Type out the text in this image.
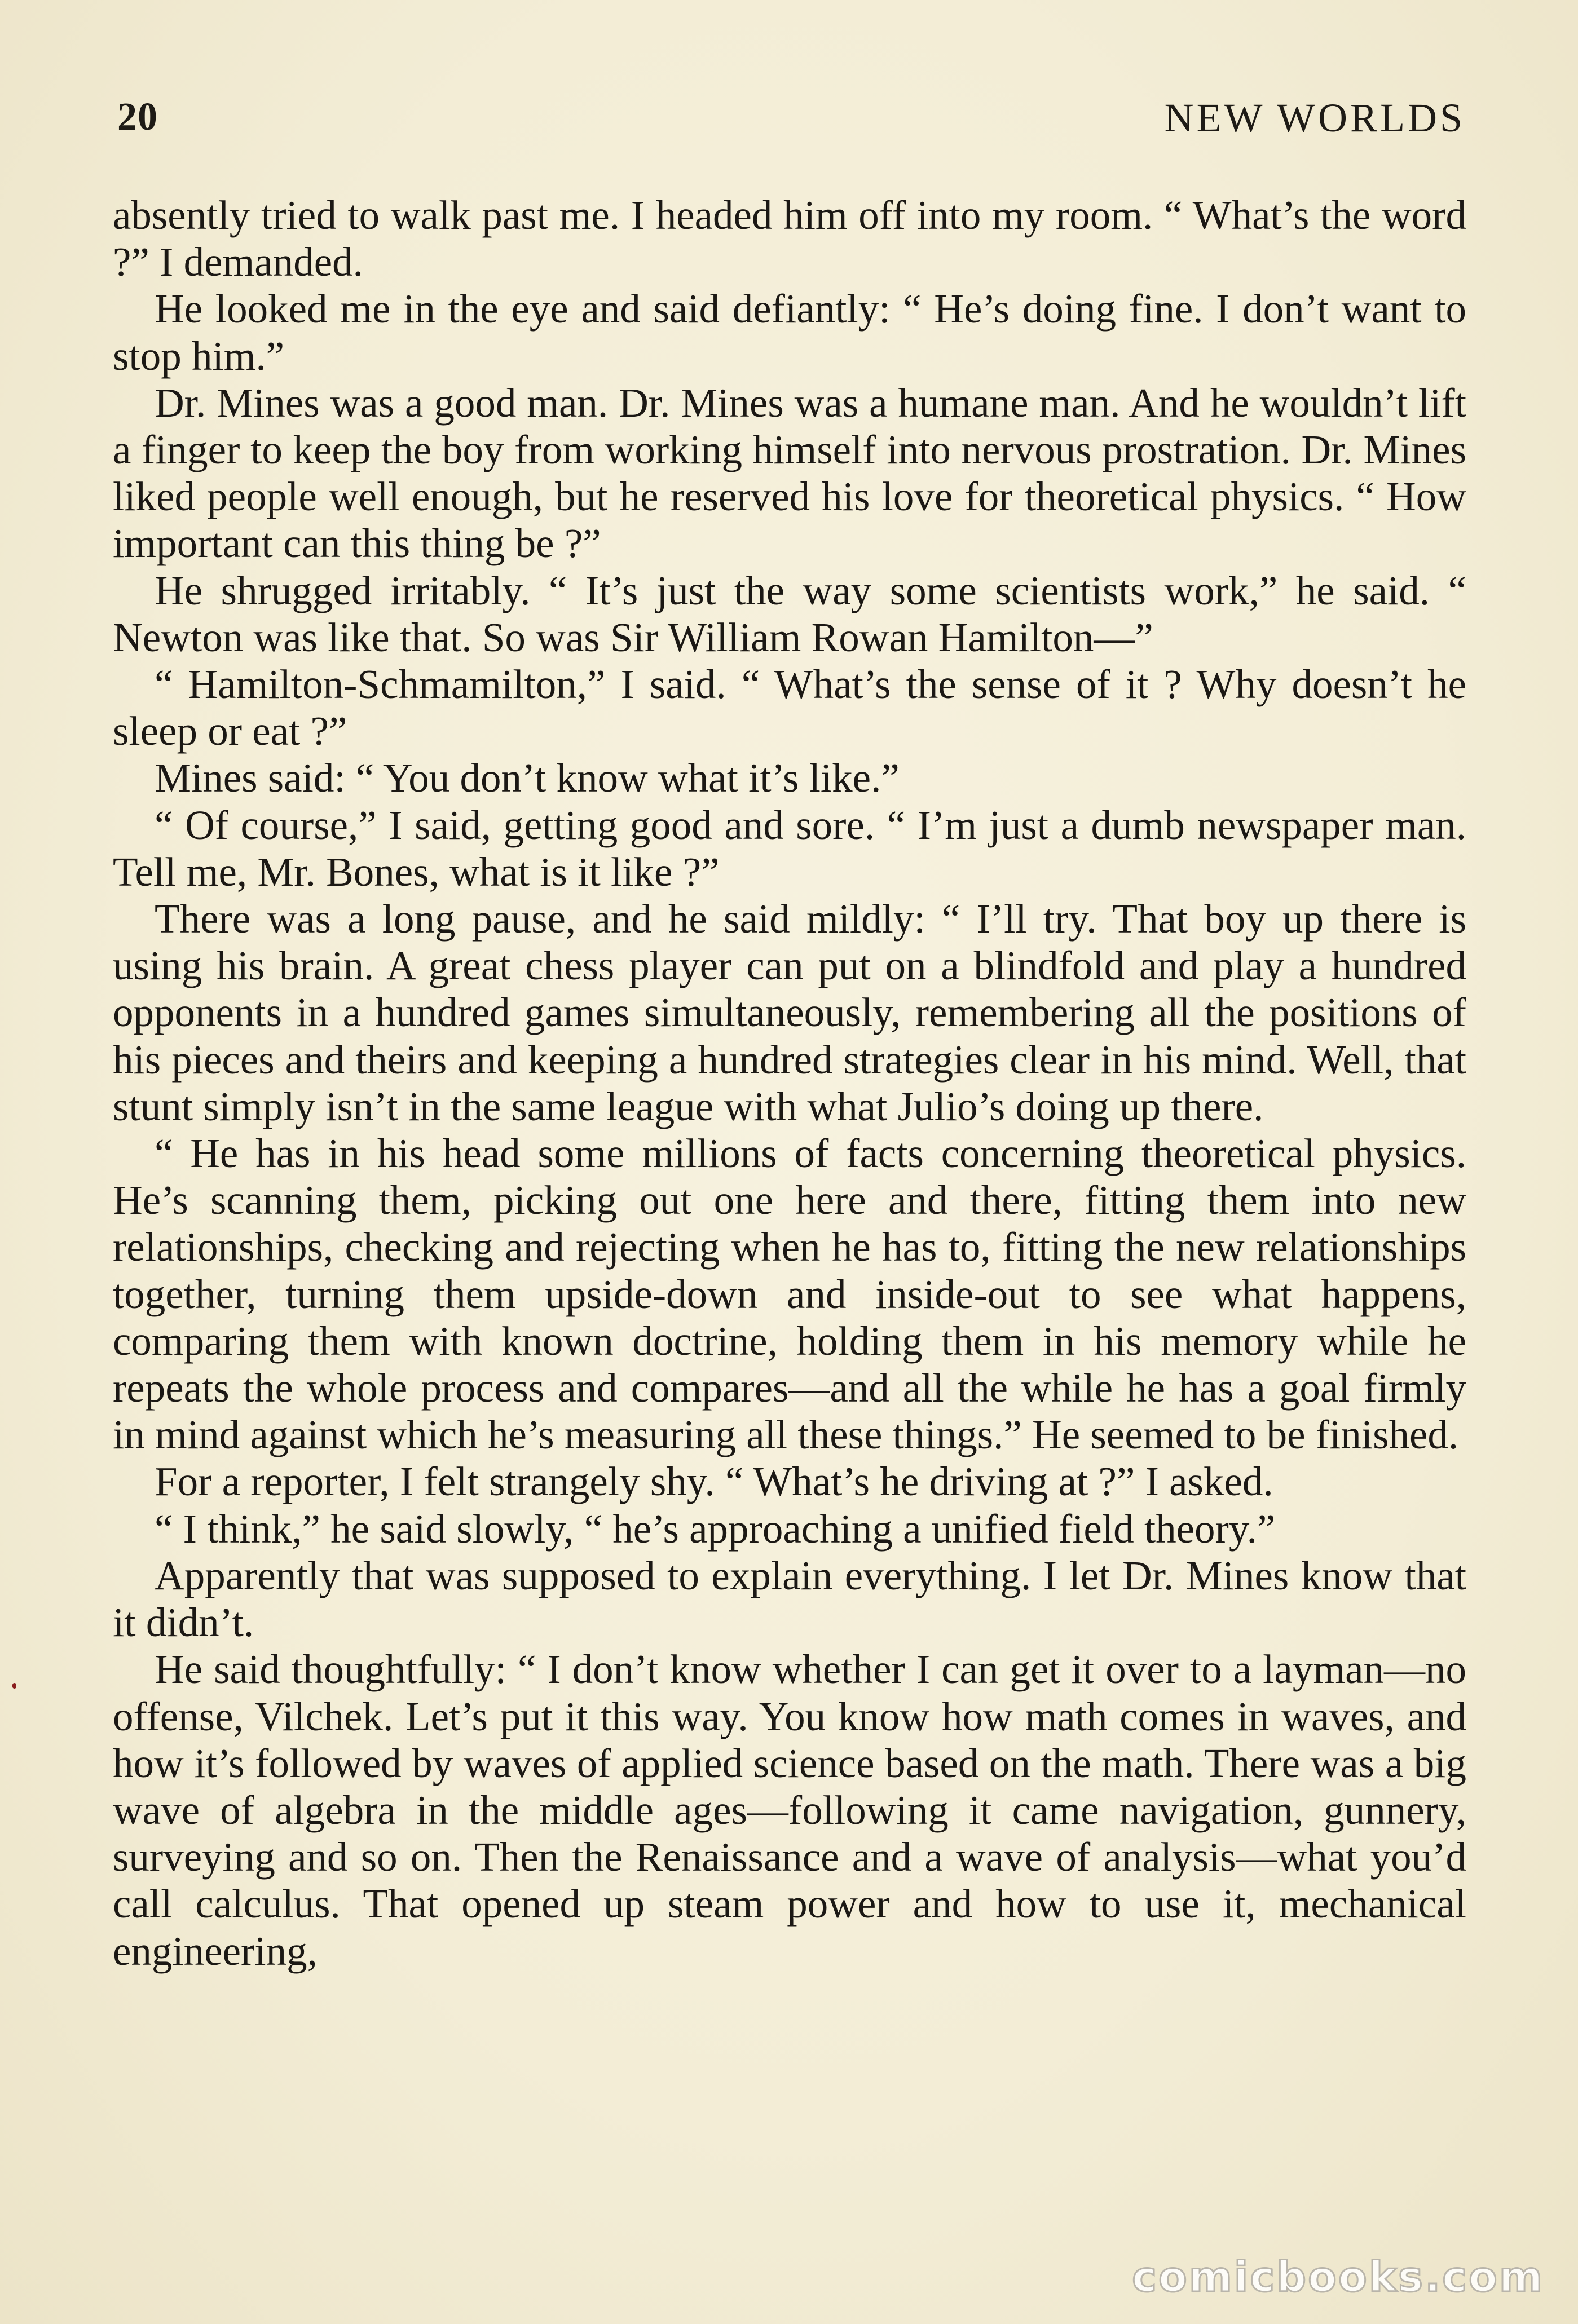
20	NEW WORLDS

absently tried to walk past me. I headed him off into my room. “ What’s the word ?” I demanded.

He looked me in the eye and said defiantly: “ He’s doing fine. I don’t want to stop him.”

Dr. Mines was a good man. Dr. Mines was a humane man. And he wouldn’t lift a finger to keep the boy from working himself into nervous prostration. Dr. Mines liked people well enough, but he reserved his love for theoretical physics. “ How important can this thing be ?”

He shrugged irritably. “ It’s just the way some scientists work,” he said. “ Newton was like that. So was Sir William Rowan Hamilton—”

“ Hamilton-Schmamilton,” I said. “ What’s the sense of it ? Why doesn’t he sleep or eat ?”

Mines said: “ You don’t know what it’s like.”

“ Of course,” I said, getting good and sore. “ I’m just a dumb newspaper man. Tell me, Mr. Bones, what is it like ?”

There was a long pause, and he said mildly: “ I’ll try. That boy up there is using his brain. A great chess player can put on a blindfold and play a hundred opponents in a hundred games simultaneously, remembering all the positions of his pieces and theirs and keeping a hundred strategies clear in his mind. Well, that stunt simply isn’t in the same league with what Julio’s doing up there.

“ He has in his head some millions of facts concerning theoretical physics. He’s scanning them, picking out one here and there, fitting them into new relationships, checking and rejecting when he has to, fitting the new relationships together, turning them upside-down and inside-out to see what happens, comparing them with known doctrine, holding them in his memory while he repeats the whole process and compares—and all the while he has a goal firmly in mind against which he’s measuring all these things.” He seemed to be finished.

For a reporter, I felt strangely shy. “ What’s he driving at ?” I asked.

“ I think,” he said slowly, “ he’s approaching a unified field theory.”

Apparently that was supposed to explain everything. I let Dr. Mines know that it didn’t.

He said thoughtfully: “ I don’t know whether I can get it over to a layman—no offense, Vilchek. Let’s put it this way. You know how math comes in waves, and how it’s followed by waves of applied science based on the math. There was a big wave of algebra in the middle ages—following it came navigation, gunnery, surveying and so on. Then the Renaissance and a wave of analysis—what you’d call calculus. That opened up steam power and how to use it, mechanical engineering,

comicbooks.com
